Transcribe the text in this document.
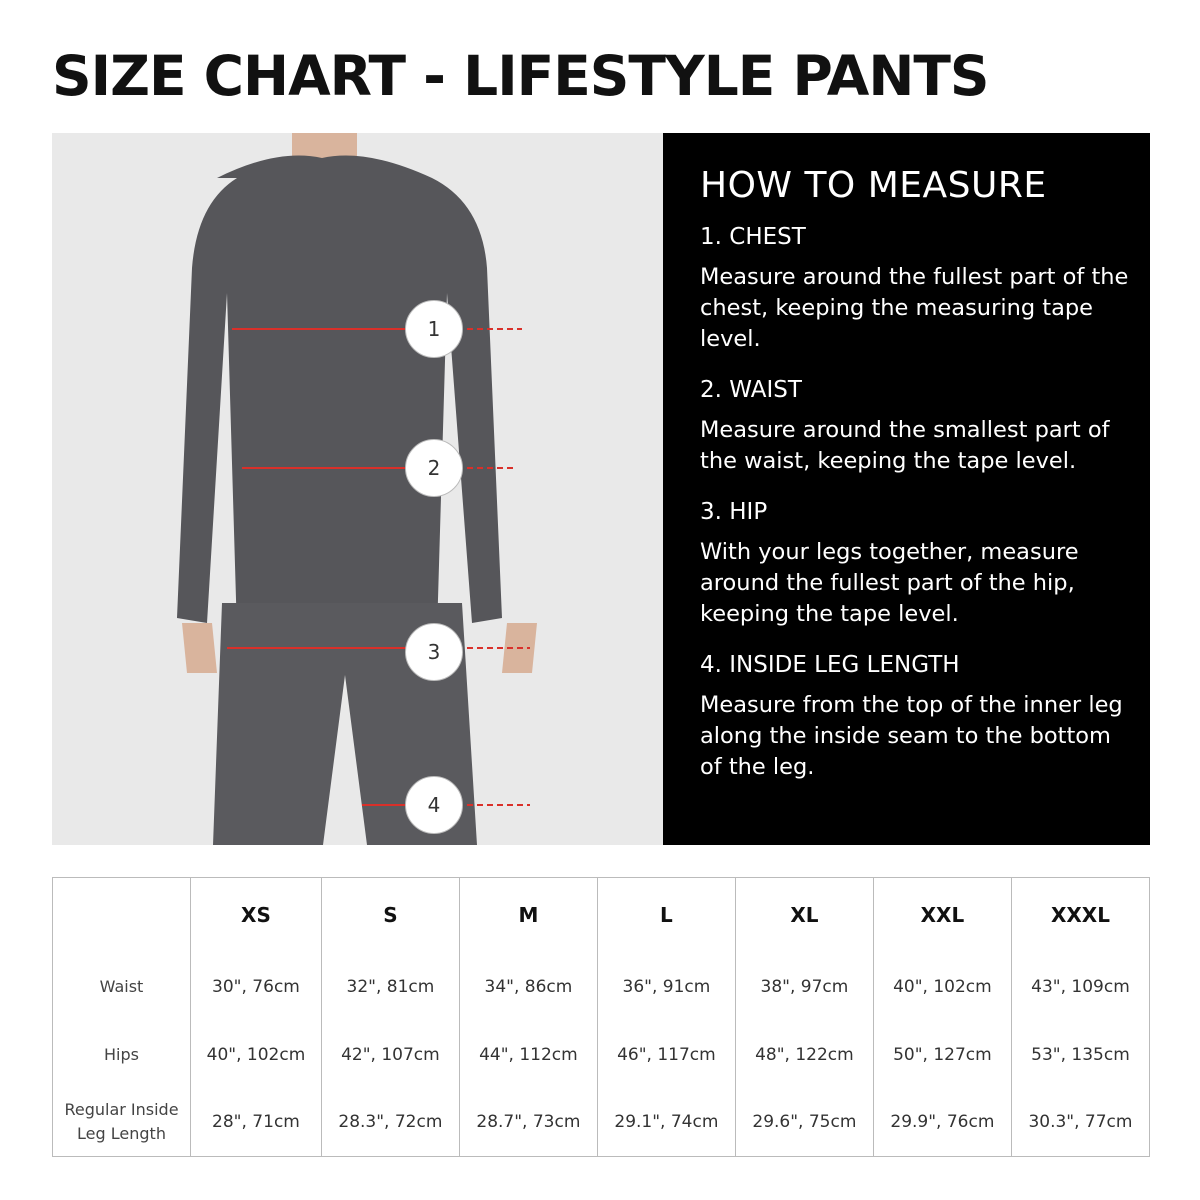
SIZE CHART - LIFESTYLE PANTS
1
2
3
4
HOW TO MEASURE
1. CHEST

Measure around the fullest part of the chest, keeping the measuring tape level.

2. WAIST

Measure around the smallest part of the waist, keeping the tape level.

3. HIP

With your legs together, measure around the fullest part of the hip, keeping the tape level.

4. INSIDE LEG LENGTH

Measure from the top of the inner leg along the inside seam to the bottom of the leg.

	XS	S	M	L	XL	XXL	XXXL
Waist	30", 76cm	32", 81cm	34", 86cm	36", 91cm	38", 97cm	40", 102cm	43", 109cm
Hips	40", 102cm	42", 107cm	44", 112cm	46", 117cm	48", 122cm	50", 127cm	53", 135cm
Regular Inside Leg Length	28", 71cm	28.3", 72cm	28.7", 73cm	29.1", 74cm	29.6", 75cm	29.9", 76cm	30.3", 77cm
